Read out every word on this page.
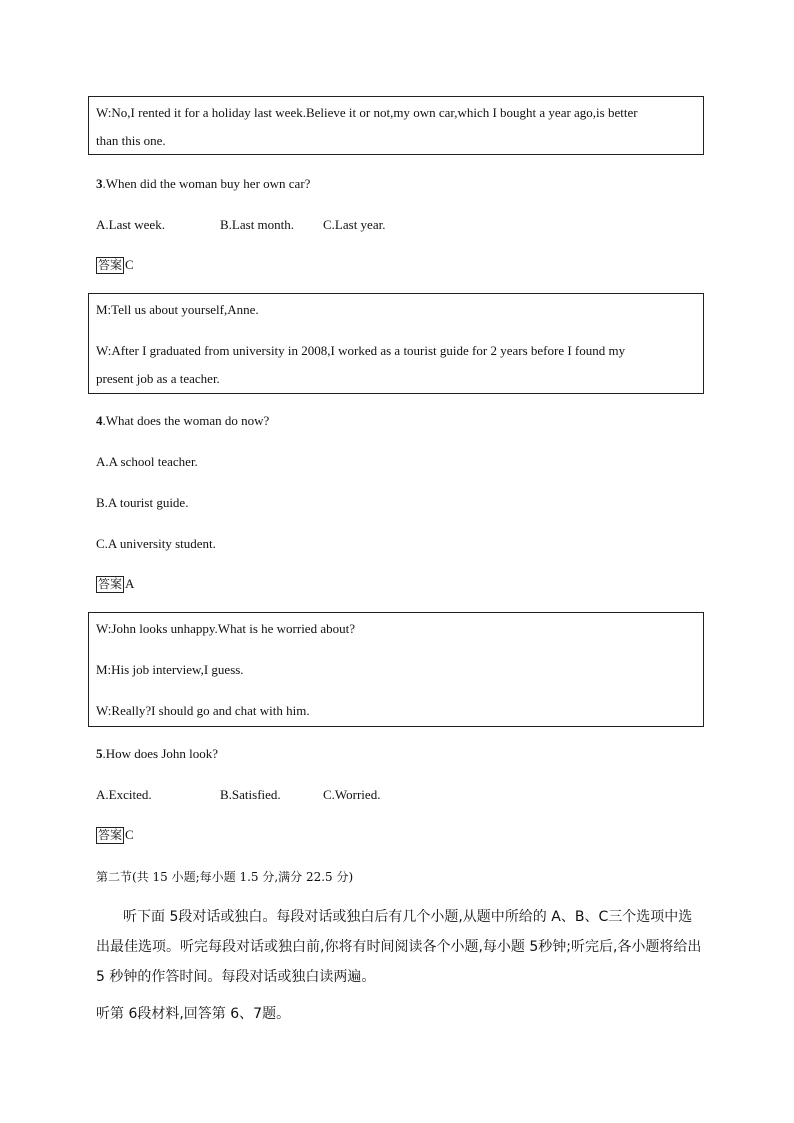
W:No,I rented it for a holiday last week.Believe it or not,my own car,which I bought a year ago,is better
than this one.
3.When did the woman buy her own car?
A.Last week.	B.Last month. C.Last year.
答案 C
M:Tell us about yourself,Anne.
W:After I graduated from university in 2008,I worked as a tourist guide for 2 years before I found my
present job as a teacher.
4.What does the woman do now?
A.A school teacher.
B.A tourist guide.
C.A university student.
答案 A
W:John looks unhappy.What is he worried about?
M:His job interview,I guess.
W:Really?I should go and chat with him.
5.How does John look?
A.Excited.	B.Satisfied.	C.Worried.
答案 C
第二节(共 15 小题;每小题 1.5 分,满分 22.5 分)
听下面 5段对话或独白。每段对话或独白后有几个小题,从题中所给的 A、B、C三个选项中选
出最佳选项。听完每段对话或独白前,你将有时间阅读各个小题,每小题 5秒钟;听完后,各小题将给出
5 秒钟的作答时间。每段对话或独白读两遍。
听第 6段材料,回答第 6、7题。
